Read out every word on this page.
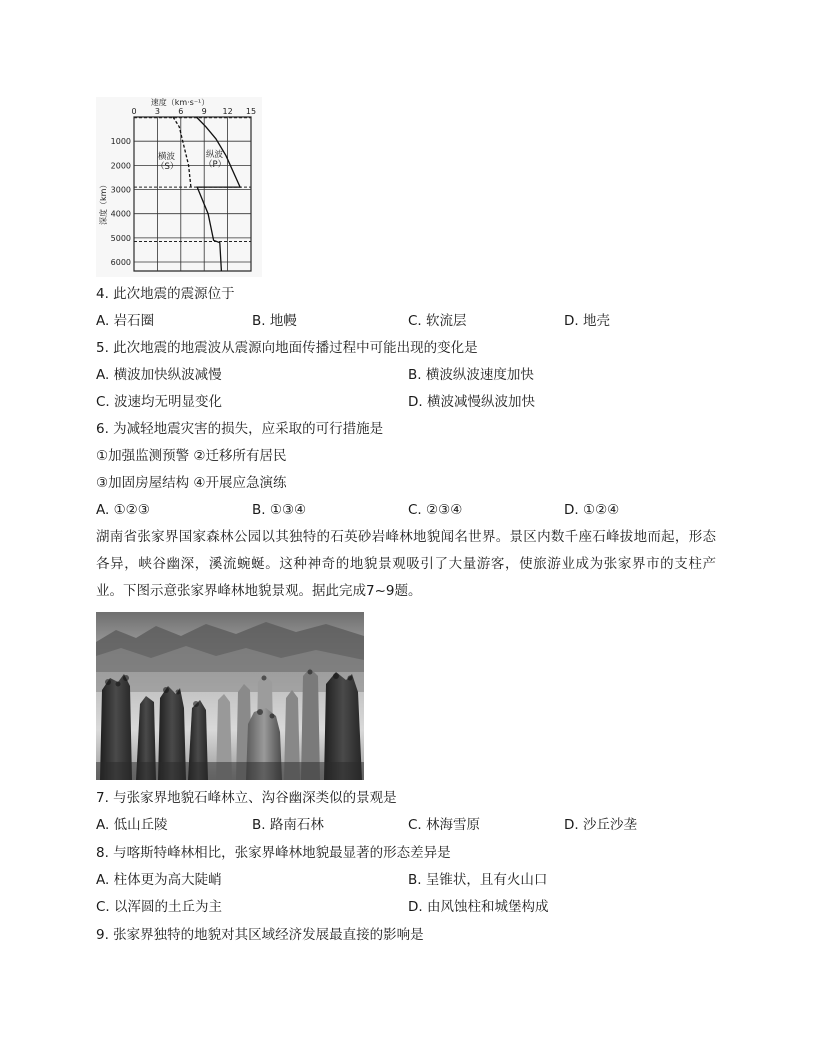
速度（km·s⁻¹）
0 3 6 9 12 15
1000
2000
3000
4000
5000
6000
深度（km）
横波
（S）
纵波
（P）
4. 此次地震的震源位于
A. 岩石圈	B. 地幔	C. 软流层	D. 地壳
5. 此次地震的地震波从震源向地面传播过程中可能出现的变化是
A. 横波加快纵波减慢	B. 横波纵波速度加快
C. 波速均无明显变化	D. 横波减慢纵波加快
6. 为减轻地震灾害的损失，应采取的可行措施是
①加强监测预警 ②迁移所有居民
③加固房屋结构 ④开展应急演练
A. ①②③	B. ①③④	C. ②③④	D. ①②④
湖南省张家界国家森林公园以其独特的石英砂岩峰林地貌闻名世界。景区内数千座石峰拔地而起，形态各异，峡谷幽深，溪流蜿蜒。这种神奇的地貌景观吸引了大量游客，使旅游业成为张家界市的支柱产业。下图示意张家界峰林地貌景观。据此完成7~9题。
7. 与张家界地貌石峰林立、沟谷幽深类似的景观是
A. 低山丘陵	B. 路南石林	C. 林海雪原	D. 沙丘沙垄
8. 与喀斯特峰林相比，张家界峰林地貌最显著的形态差异是
A. 柱体更为高大陡峭	B. 呈锥状，且有火山口
C. 以浑圆的土丘为主	D. 由风蚀柱和城堡构成
9. 张家界独特的地貌对其区域经济发展最直接的影响是
